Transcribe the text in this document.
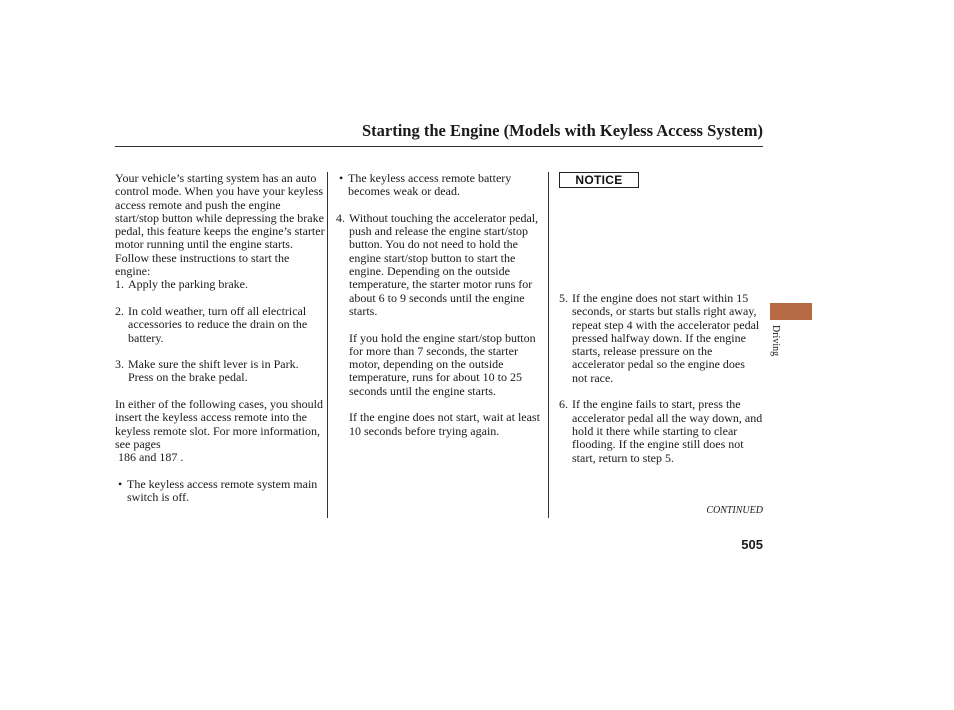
Starting the Engine (Models with Keyless Access System)

Your vehicle’s starting system has an auto control mode. When you have your keyless access remote and push the engine start/stop button while depressing the brake pedal, this feature keeps the engine’s starter motor running until the engine starts. Follow these instructions to start the engine:

1. Apply the parking brake.
2. In cold weather, turn off all electrical accessories to reduce the drain on the battery.
3. Make sure the shift lever is in Park. Press on the brake pedal.

In either of the following cases, you should insert the keyless access remote into the keyless remote slot. For more information, see pages
186 and 187 .

• The keyless access remote system main switch is off.
• The keyless access remote battery becomes weak or dead.
4. Without touching the accelerator pedal, push and release the engine start/stop button. You do not need to hold the engine start/stop button to start the engine. Depending on the outside temperature, the starter motor runs for about 6 to 9 seconds until the engine starts.

If you hold the engine start/stop button for more than 7 seconds, the starter motor, depending on the outside temperature, runs for about 10 to 25 seconds until the engine starts.

If the engine does not start, wait at least 10 seconds before trying again.

NOTICE
5. If the engine does not start within 15 seconds, or starts but stalls right away, repeat step 4 with the accelerator pedal pressed halfway down. If the engine starts, release pressure on the accelerator pedal so the engine does not race.
6. If the engine fails to start, press the accelerator pedal all the way down, and hold it there while starting to clear flooding. If the engine still does not start, return to step 5.
CONTINUED
505
Driving
